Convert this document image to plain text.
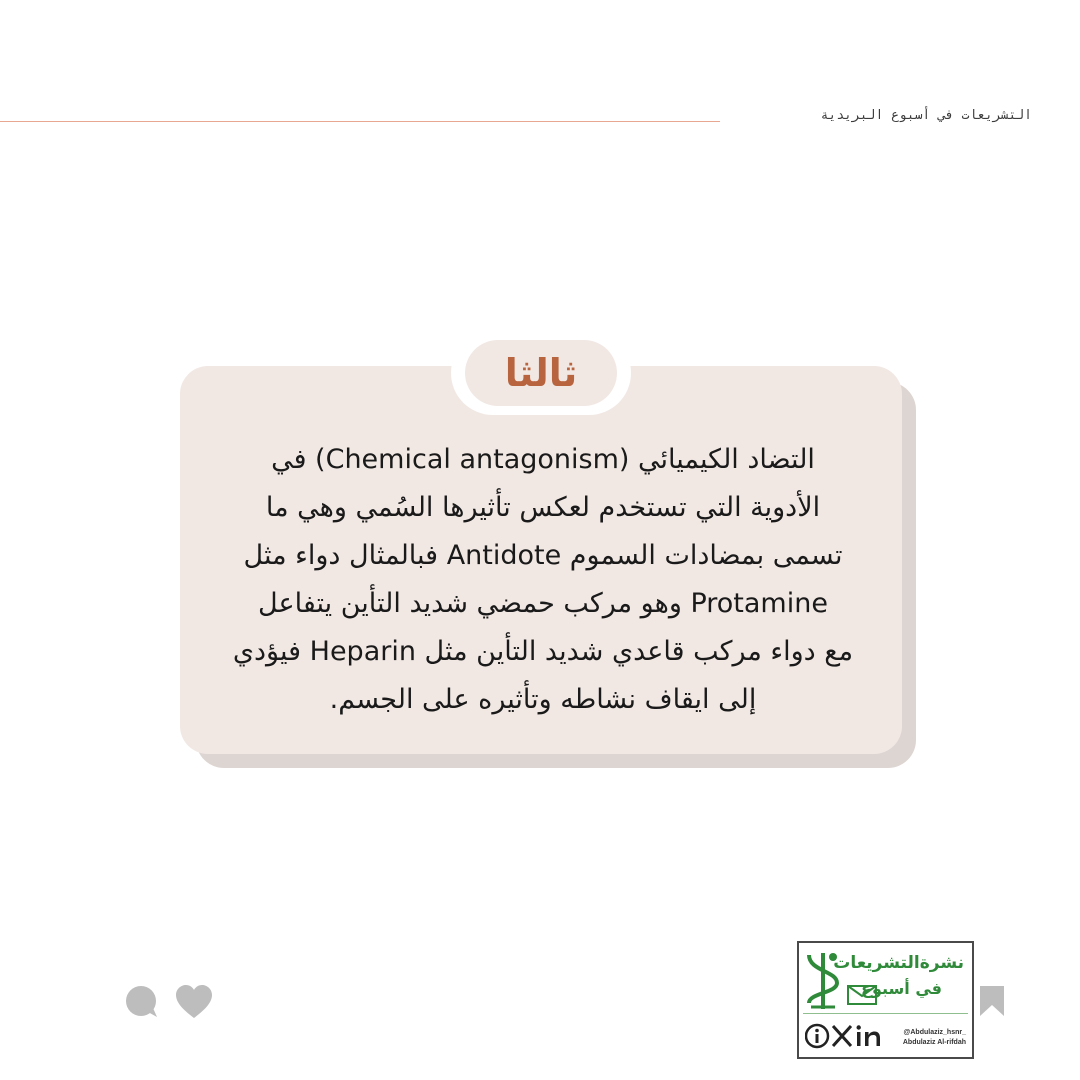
التشريعات في أسبوع البريدية
ثالثا
التضاد الكيميائي (Chemical antagonism) في
الأدوية التي تستخدم لعكس تأثيرها السُمي وهي ما
تسمى بمضادات السموم Antidote فبالمثال دواء مثل
Protamine وهو مركب حمضي شديد التأين يتفاعل
مع دواء مركب قاعدي شديد التأين مثل Heparin فيؤدي
إلى ايقاف نشاطه وتأثيره على الجسم.
نشرةالتشريعات
في أسبوع
@Abdulaziz_hsnr_
Abdulaziz Al-rifdah
